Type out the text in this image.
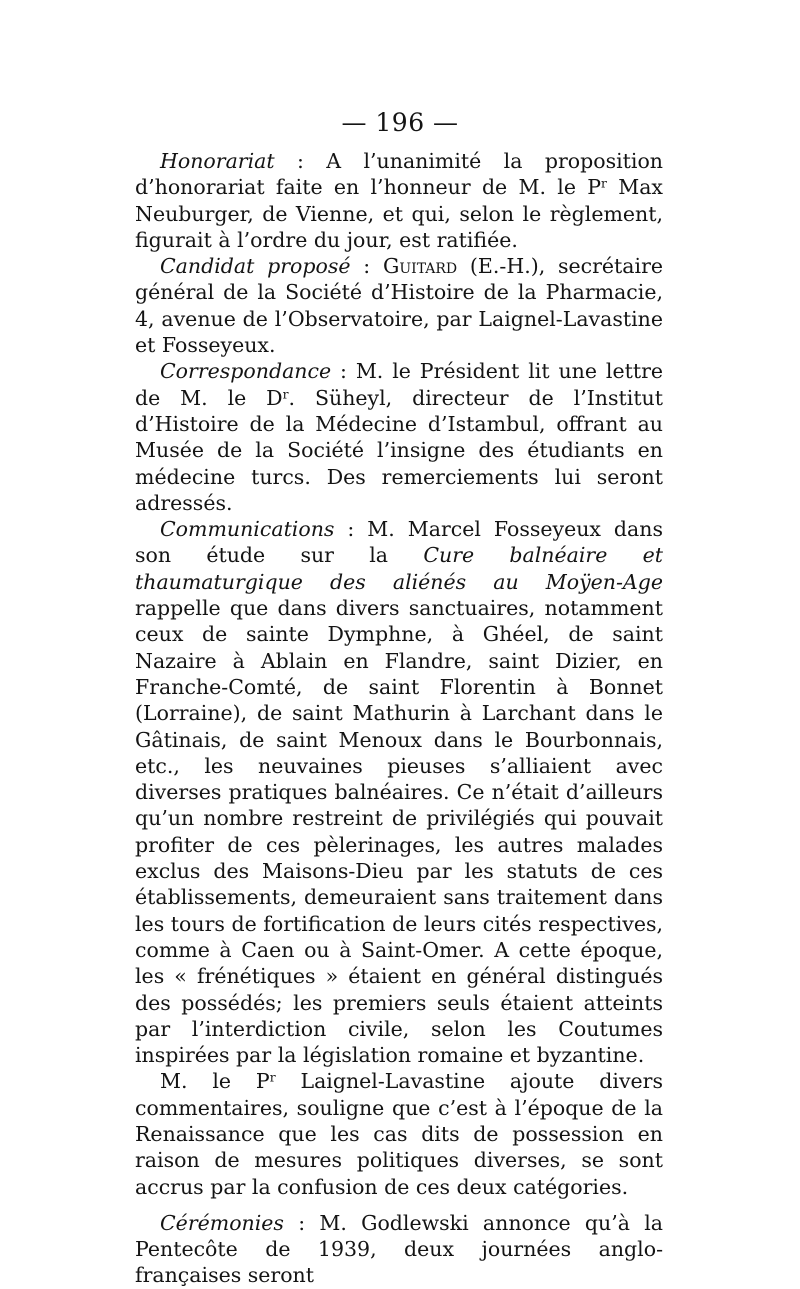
— 196 —

Honorariat : A l’unanimité la proposition d’honorariat faite en l’honneur de M. le $P^r$ Max Neuburger, de Vienne, et qui, selon le règlement, figurait à l’ordre du jour, est ratifiée.

Candidat proposé : Guitard (E.-H.), secrétaire général de la Société d’Histoire de la Pharmacie, 4, avenue de l’Observatoire, par Laignel-Lavastine et Fosseyeux.

Correspondance : M. le Président lit une lettre de M. le $D^r$. Süheyl, directeur de l’Institut d’Histoire de la Médecine d’Istambul, offrant au Musée de la Société l’insigne des étudiants en médecine turcs. Des remerciements lui seront adressés.

Communications : M. Marcel Fosseyeux dans son étude sur la Cure balnéaire et thaumaturgique des aliénés au Moÿen-Age rappelle que dans divers sanctuaires, notamment ceux de sainte Dymphne, à Ghéel, de saint Nazaire à Ablain en Flandre, saint Dizier, en Franche-Comté, de saint Florentin à Bonnet (Lorraine), de saint Mathurin à Larchant dans le Gâtinais, de saint Menoux dans le Bourbonnais, etc., les neuvaines pieuses s’alliaient avec diverses pratiques balnéaires. Ce n’était d’ailleurs qu’un nombre restreint de privilégiés qui pouvait profiter de ces pèlerinages, les autres malades exclus des Maisons-Dieu par les statuts de ces établissements, demeuraient sans traitement dans les tours de fortification de leurs cités respectives, comme à Caen ou à Saint-Omer. A cette époque, les « frénétiques » étaient en général distingués des possédés; les premiers seuls étaient atteints par l’interdiction civile, selon les Coutumes inspirées par la législation romaine et byzantine.

M. le $P^r$ Laignel-Lavastine ajoute divers commentaires, souligne que c’est à l’époque de la Renaissance que les cas dits de possession en raison de mesures politiques diverses, se sont accrus par la confusion de ces deux catégories.

Cérémonies : M. Godlewski annonce qu’à la Pentecôte de 1939, deux journées anglo-françaises seront
